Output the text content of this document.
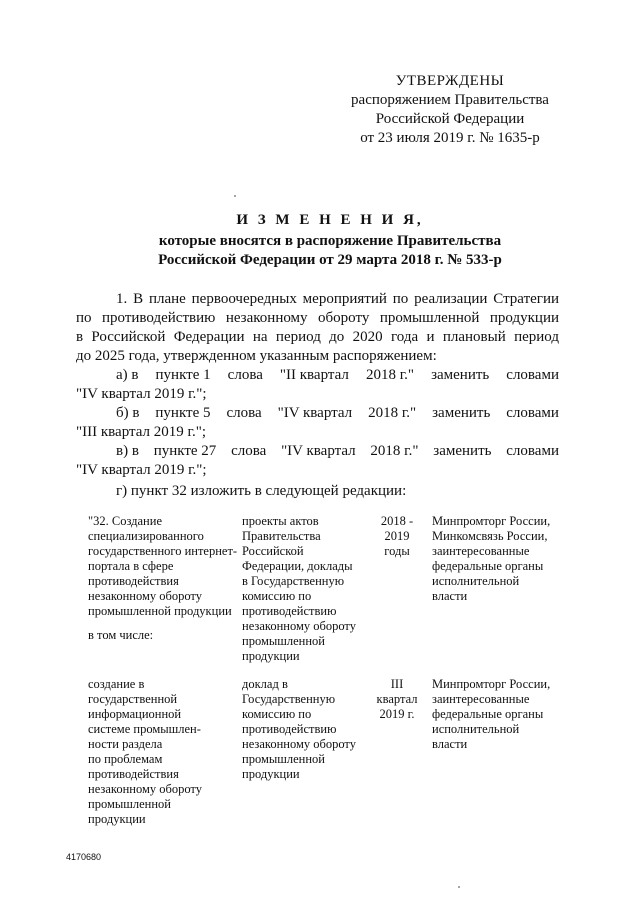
УТВЕРЖДЕНЫ
распоряжением Правительства
Российской Федерации
от 23 июля 2019 г. № 1635-р
И З М Е Н Е Н И Я,
которые вносятся в распоряжение Правительства
Российской Федерации от 29 марта 2018 г. № 533-р
1. В плане первоочередных мероприятий по реализации Стратегии
по противодействию незаконному обороту промышленной продукции
в Российской Федерации на период до 2020 года и плановый период
до 2025 года, утвержденном указанным распоряжением:
а) в пункте 1 слова "II квартал 2018 г." заменить словами
"IV квартал 2019 г.";
б) в пункте 5 слова "IV квартал 2018 г." заменить словами
"III квартал 2019 г.";
в) в пункте 27 слова "IV квартал 2018 г." заменить словами
"IV квартал 2019 г.";
г) пункт 32 изложить в следующей редакции:
"32. Создание
специализированного
государственного интернет-
портала в сфере
противодействия
незаконному обороту
промышленной продукции
в том числе:
проекты актов
Правительства
Российской
Федерации, доклады
в Государственную
комиссию по
противодействию
незаконному обороту
промышленной
продукции
2018 -
2019
годы
Минпромторг России,
Минкомсвязь России,
заинтересованные
федеральные органы
исполнительной
власти
создание в
государственной
информационной
системе промышлен-
ности раздела
по проблемам
противодействия
незаконному обороту
промышленной
продукции
доклад в
Государственную
комиссию по
противодействию
незаконному обороту
промышленной
продукции
III
квартал
2019 г.
Минпромторг России,
заинтересованные
федеральные органы
исполнительной
власти
4170680
